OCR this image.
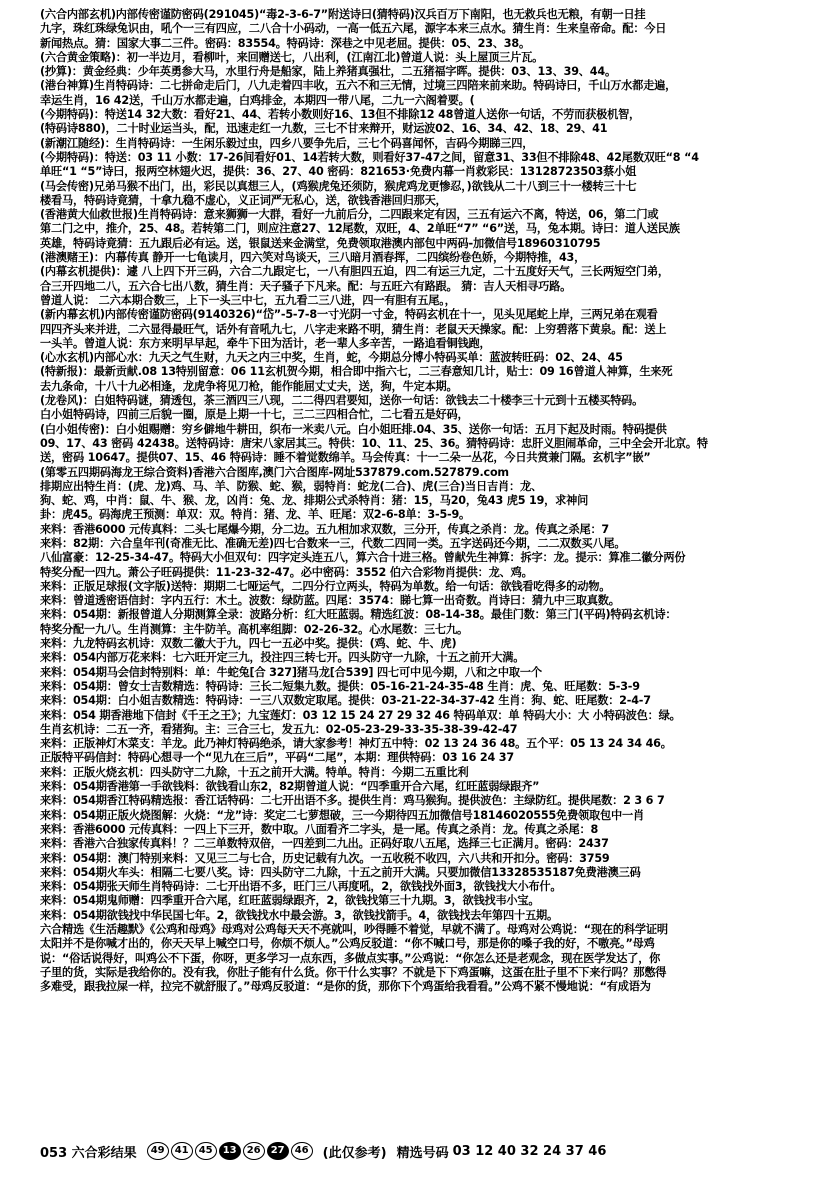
(六合内部玄机)内部传密谨防密码(291045)“毒2-3-6-7”附送诗曰(猜特码)汉兵百万下南阳，也无救兵也无粮，有朝一日挂
九字，珠红珠绿兔识由，吼个一三有四应，二八合十小码动，一高一低五六尾，源字本来三点水。猜生肖：生来皇帝命。配：今日
新闻热点。猜：国家大事二三件。密码：83554。特码诗：深巷之中见老屈。提供：05、23、38。
(六合黄金策略)：初一半边月，看柳叶，来回赠送七，八出利，(江南江北)曾道人说：头上屋顶三片瓦。
(抄算)：黄金经典：少年英勇参大马，水里行舟是船家，陆上养猪真强壮，二五猪福字晖。提供：03、13、39、44。
(港台神算)生肖特码诗：二七拼命走后门，八九走着四丰收，五六不和三无情，过境三四陪来前来助。特码诗曰，千山万水都走遍，
幸运生肖，16 42送，千山万水都走遍，白鸡排金，本期四一带八尾，二九一六阁着要。(
(今期特码)：特送14 32大数：看好21、44、若转小数则好16、13但不排除12 48曾道人送你一句话，不劳而获极机智，
(特码诗880)，二十时业运当头，配，迅速走红一九数，三七不甘来辩开，财运波02、16、34、42、18、29、41
(新潮江随经)：生肖特码诗：一生闲乐毅过虫，四乡八要争先后，三七个码喜闻怀，吉码今期睇三四，
(今期特码)：特送：03 11 小数：17-26间看好01、14若转大数，则看好37-47之间，留意31、33但不排除48、42尾数双旺“8 “4
单旺“1 “5”诗曰，报两空林翅火迟，提供：36、27、40 密码：821653·免费内幕一肖救彩民：13128723503蔡小姐
(马会传密)兄弟马猴不出门，出，彩民以真想三人，(鸡猴虎兔还须防，猴虎鸡龙更惨忍，)欲钱从二十八到三十一楼转三十七
楼看马，特码诗竟猜，十拿九稳不虚心，义正词严无私心，送，欲钱香港回归那天，
(香港黄大仙救世报)生肖特码诗：意来狮狮一大群，看好一九前后分，二四跟来定有因，三五有运六不离，特送，06，第二门或
第二门之中，推介，25、48。若转第二门，则应注意27、12尾数，双旺，4、2单旺“7” “6”送，马，兔本期。诗曰：道人送民族
英雄，特码诗竟猜：五九跟后必有运。送，银鼠送来金满堂，免费领取港澳内部包中两码-加微信号18960310795
(港澳赌王)：内幕传真 静开一七龟读月，四六笑对鸟谈天，三八暗月酒春挥，二四缤纷卷色娇，今期特推，43，
(内幕玄机提供)：遽 八上四下开三码，六合二九跟定七，一八有胆四五迫，四二有运三九定，二十五度好天气，三长两短空门弟，
合三开四地二八，五六合七出八数，猜生肖：天子骚子下凡来。配：与五旺六有路跟。 猜：吉人天相寻巧路。
曾道人说： 二六本期合数三，上下一头三中七，五九看二三八进，四一有胆有五尾。，
(新内幕玄机)内部传密谨防密码(9140326)“岱”-5-7-8一寸光阴一寸金，特码玄机在十一，见头见尾蛇上岸，三两兄弟在观看
四四齐头来并进，二六显得最旺气，话外有音吼九七，八字走来路不明，猜生肖：老鼠天天操家。配：上穷碧落下黄泉。配：送上
一头羊。曾道人说：东方来明早早起，牵牛下田为活计，老一辈人多辛苦，一路追看铜钱跑，
(心水玄机)内部心水：九天之气生财，九天之内三中奖，生肖，蛇，今期总分博小特码买单：蓝波转旺码：02、24、45
(特新报)：最新贡献.08 13特别留意：06 11玄机贺今期，相合即中指六七，二三春意知几计，贴士：09 16曾道人神算，生来死
去九条命，十八十九必相逢，龙虎争将见刀枪，能作能屈丈丈夫，送，狗，牛定本期。
(龙卷风)：白姐特码谜，猜透包，茶三酒四三八现，二二得四君要知，送你一句话：欲钱去二十楼李三十元到十五楼买特码。
白小姐特码诗，四前三后貌一圈，原是上期一十七，三二三四相合忙，二七看五是好码，
(白小姐传密)：白小姐赐赠：穷乡僻地牛耕田，织布一米卖八元。白小姐旺排.04、35、送你一句话：五月下起及时雨。特码提供
09、17、43 密码 42438。送特码诗：唐宋八家居其三。特供：10、11、25、36。猜特码诗：忠肝义胆闹革命，三中全会开北京。特
送，密码 10647。提供07、15、46 特码诗：睡不着觉数绵羊。马会传真：十一二朵一丛花，今日共赏兼门隔。玄机字”嵌”
(第零五四期码海龙王综合资料)香港六合图库,澳门六合图库-网址537879.com.527879.com
排期应出特生肖：(虎、龙)鸡、马、羊、防猴、蛇、猴，弱特肖：蛇龙(二合)、虎(三合)当日吉肖：龙、
狗、蛇、鸡，中肖：鼠、牛、猴、龙，凶肖：兔、龙、排期公式杀特肖：猪：15，马20，兔43 虎5 19，求神问
卦：虎45。码海虎王预测：单双：双。特肖：猪、龙、羊、旺尾：双2-6-8单：3-5-9。
来料：香港6000 元传真料：二头七尾爆今期，分二边。五九相加求双数，三分开，传真之杀肖：龙。传真之杀尾：7
来料：82期：六合皇年刊(奇准无比、准确无差)四七合数来一三，代数二四同一类。五字送码还今期，二二双数买八尾。
八仙富豪：12-25-34-47。特码大小但双句：四字定头连五八，算六合十进三格。曾献先生神算：拆字：龙。提示：算准二徽分两份
特奖分配一四九。萧公子旺码提供：11-23-32-47。必中密码：3552 伯六合彩物肖提供：龙、鸡。
来料：正版足球报(文字版)送特：期期二七哑运气，二四分行立两头，特码为单数。给一句话：欲钱看吃得多的动物。
来料：曾道透密语信封：字内五行：木土。波数：绿防蓝。四尾：3574：睇七算一出奇数。肖诗曰：猜九中三取真数。
来料：054期：新报曾道人分期测算全录：波路分析：红大旺蓝弱。精选红波：08-14-38。最佳门数：第三门(平码)特码玄机诗：
特奖分配一九八。生肖测算：主牛防羊。高机率组脚：02-26-32。心水尾数：三七九。
来料：九龙特码玄机诗：双数二徽大于九，四七一五必中奖。提供：(鸡、蛇、牛、虎)
来料：054内部万花来料：七六旺开定三九，投注四三转七开。四头防守一九除，十五之前开大满。
来料：054期马会信封特别料：单：牛蛇兔[合 327]猪马龙[合539] 四七可中见今期，八和之中取一个
来料：054期：曾女士吉数精选：特码诗：三长二短集九数。提供：05-16-21-24-35-48 生肖：虎、兔、旺尾数：5-3-9
来料：054期：白小姐吉数精选：特码诗：一三八双数定取尾。提供：03-21-22-34-37-42 生肖：狗、蛇、旺尾数：2-4-7
来料：054 期香港地下信封《千王之王》；九宝莲灯：03 12 15 24 27 29 32 46 特码单双：单 特码大小：大 小特码波色：绿。
生肖玄机诗：二五一齐，看猪狗。主：三合三七，发五九：02-05-23-29-33-35-38-39-42-47
来料：正版神灯木菜支：羊龙。此乃神灯特码绝杀，请大家参考！神灯五中特：02 13 24 36 48。五个平：05 13 24 34 46。
正版特平码信封：特码心想寻一个“见九在三后”，平码“二尾”，本期：理供特码：03 16 24 37
来料：正版火烧玄机：四头防守二九除，十五之前开大满。特单。特肖：今期二五重比利
来料：054期香港第一手欲钱料：欲钱看山东2，82期曾道人说：“四季重开合六尾，红旺蓝弱绿跟齐”
来料：054期香江特码精选报：香江话特码：二七开出语不多。提供生肖：鸡马猴狗。提供波色：主绿防红。提供尾数：2 3 6 7
来料：054期正版火烧图解：火烧：“龙”诗：奖定二七萝想破，三一今期待四五加微信号18146020555免费领取包中一肖
来料：香港6000 元传真料：一四上下三开，数中取。八面看齐二字头，是一尾。传真之杀肖：龙。传真之杀尾：8
来料：香港六合独家传真料！？二三单数特双倍，一四差到二九出。正码好取八五尾，选择三七正满月。密码：2437
来料：054期：澳门特别来料：又见三二与七合，历史记载有九次。一五收税不收四，六八共和开扣分。密码：3759
来料：054期火车头：相隔二七要八奖。诗：四头防守二九除，十五之前开大满。只要加微信13328535187免费港澳三码
来料：054期张天师生肖特码诗：二七开出语不多，旺门三八再度吼，2，欲钱找外面3，欲钱找大小布什。
来料：054期鬼师赠：四季重开合六尾，红旺蓝弱绿跟齐，2，欲钱找第三十九期。3，欲钱找韦小宝。
来料：054期欲钱找中华民国七年。2，欲钱找水中最会游。3，欲钱找箭手。4，欲钱找去年第四十五期。
六合精选《生活趣默》《公鸡和母鸡》母鸡对公鸡每天天不亮就叫，吵得睡不着觉，早就不满了。母鸡对公鸡说：“现在的科学证明
太阳并不是你喊才出的，你天天早上喊空口号，你烦不烦人。”公鸡反驳道：“你不喊口号，那是你的嗓子我的好，不嗷亮。”母鸡
说：“俗话说得好，叫鸡公不下蛋，你呀，更多学习一点东西，多做点实事。”公鸡说：“你怎么还是老观念，现在医学发达了，你
子里的货，实际是我给你的。没有我，你肚子能有什么货。你干什么实事？不就是下下鸡蛋嘛，这蛋在肚子里不下来行吗？那憋得
多难受，跟我拉屎一样，拉完不就舒服了。”母鸡反驳道：“是你的货，那你下个鸡蛋给我看看。”公鸡不紧不慢地说：“有成语为
053 六合彩结果	49	41	45	13	26	27	46	(此仅参考) 精选号码 03 12 40 32 24 37 46
